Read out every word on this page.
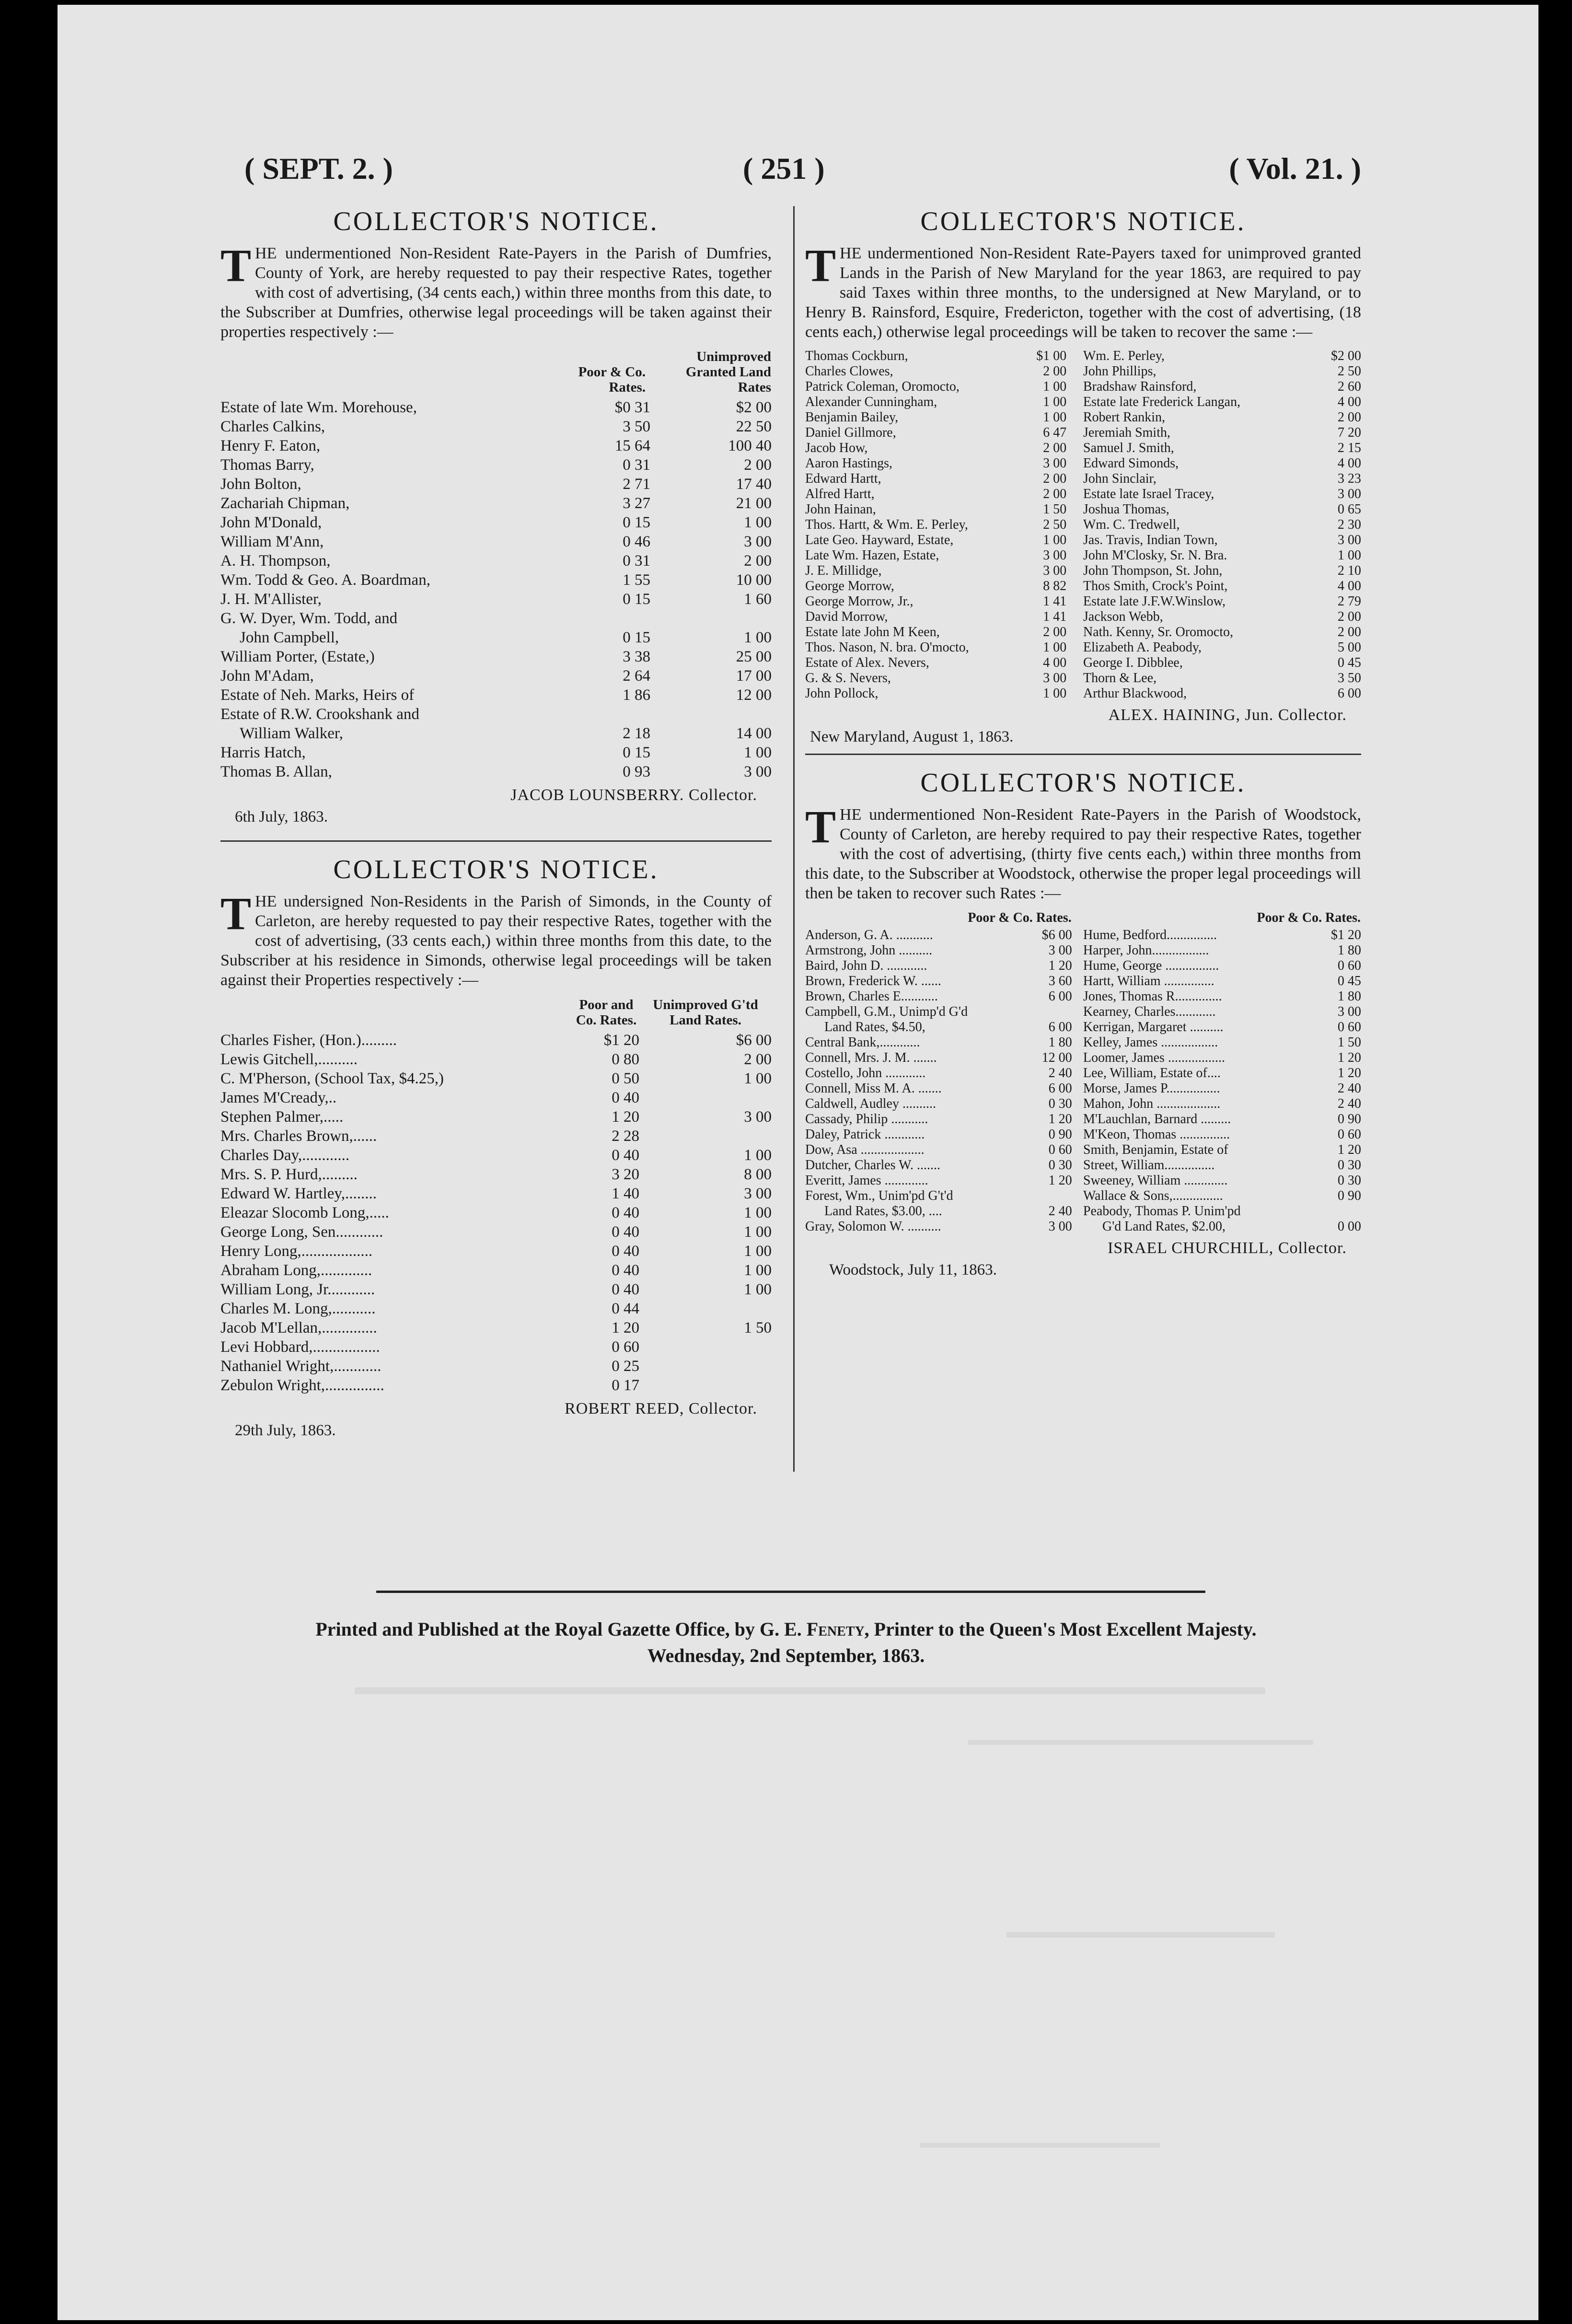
( SEPT. 2. )	( 251 )	( Vol. 21. )
COLLECTOR'S NOTICE.

THE undermentioned Non-Resident Rate-Payers in the Parish of Dumfries, County of York, are hereby requested to pay their respective Rates, together with cost of advertising, (34 cents each,) within three months from this date, to the Subscriber at Dumfries, otherwise legal proceedings will be taken against their properties respectively :—

	Poor & Co. Rates.	Unimproved Granted Land Rates
Estate of late Wm. Morehouse,	$0 31	$2 00
Charles Calkins,	3 50	22 50
Henry F. Eaton,	15 64	100 40
Thomas Barry,	0 31	2 00
John Bolton,	2 71	17 40
Zachariah Chipman,	3 27	21 00
John M'Donald,	0 15	1 00
William M'Ann,	0 46	3 00
A. H. Thompson,	0 31	2 00
Wm. Todd & Geo. A. Boardman,	1 55	10 00
J. H. M'Allister,	0 15	1 60
G. W. Dyer, Wm. Todd, and		
John Campbell,	0 15	1 00
William Porter, (Estate,)	3 38	25 00
John M'Adam,	2 64	17 00
Estate of Neh. Marks, Heirs of	1 86	12 00
Estate of R.W. Crookshank and		
William Walker,	2 18	14 00
Harris Hatch,	0 15	1 00
Thomas B. Allan,	0 93	3 00
JACOB LOUNSBERRY. Collector.
6th July, 1863.
COLLECTOR'S NOTICE.

THE undersigned Non-Residents in the Parish of Simonds, in the County of Carleton, are hereby requested to pay their respective Rates, together with the cost of advertising, (33 cents each,) within three months from this date, to the Subscriber at his residence in Simonds, otherwise legal proceedings will be taken against their Properties respectively :—

	Poor and Co. Rates.	Unimproved G'td Land Rates.
Charles Fisher, (Hon.).........	$1 20	$6 00
Lewis Gitchell,..........	0 80	2 00
C. M'Pherson, (School Tax, $4.25,)	0 50	1 00
James M'Cready,..	0 40	
Stephen Palmer,.....	1 20	3 00
Mrs. Charles Brown,......	2 28	
Charles Day,............	0 40	1 00
Mrs. S. P. Hurd,.........	3 20	8 00
Edward W. Hartley,........	1 40	3 00
Eleazar Slocomb Long,.....	0 40	1 00
George Long, Sen............	0 40	1 00
Henry Long,..................	0 40	1 00
Abraham Long,.............	0 40	1 00
William Long, Jr............	0 40	1 00
Charles M. Long,...........	0 44	
Jacob M'Lellan,..............	1 20	1 50
Levi Hobbard,.................	0 60	
Nathaniel Wright,............	0 25	
Zebulon Wright,...............	0 17	
ROBERT REED, Collector.
29th July, 1863.
COLLECTOR'S NOTICE.

THE undermentioned Non-Resident Rate-Payers taxed for unimproved granted Lands in the Parish of New Maryland for the year 1863, are required to pay said Taxes within three months, to the undersigned at New Maryland, or to Henry B. Rainsford, Esquire, Fredericton, together with the cost of advertising, (18 cents each,) otherwise legal proceedings will be taken to recover the same :—

Thomas Cockburn,	$1 00		Wm. E. Perley,	$2 00
Charles Clowes,	2 00		John Phillips,	2 50
Patrick Coleman, Oromocto,	1 00		Bradshaw Rainsford,	2 60
Alexander Cunningham,	1 00		Estate late Frederick Langan,	4 00
Benjamin Bailey,	1 00		Robert Rankin,	2 00
Daniel Gillmore,	6 47		Jeremiah Smith,	7 20
Jacob How,	2 00		Samuel J. Smith,	2 15
Aaron Hastings,	3 00		Edward Simonds,	4 00
Edward Hartt,	2 00		John Sinclair,	3 23
Alfred Hartt,	2 00		Estate late Israel Tracey,	3 00
John Hainan,	1 50		Joshua Thomas,	0 65
Thos. Hartt, & Wm. E. Perley,	2 50		Wm. C. Tredwell,	2 30
Late Geo. Hayward, Estate,	1 00		Jas. Travis, Indian Town,	3 00
Late Wm. Hazen, Estate,	3 00		John M'Closky, Sr. N. Bra.	1 00
J. E. Millidge,	3 00		John Thompson, St. John,	2 10
George Morrow,	8 82		Thos Smith, Crock's Point,	4 00
George Morrow, Jr.,	1 41		Estate late J.F.W.Winslow,	2 79
David Morrow,	1 41		Jackson Webb,	2 00
Estate late John M Keen,	2 00		Nath. Kenny, Sr. Oromocto,	2 00
Thos. Nason, N. bra. O'mocto,	1 00		Elizabeth A. Peabody,	5 00
Estate of Alex. Nevers,	4 00		George I. Dibblee,	0 45
G. & S. Nevers,	3 00		Thorn & Lee,	3 50
John Pollock,	1 00		Arthur Blackwood,	6 00
ALEX. HAINING, Jun. Collector.
New Maryland, August 1, 1863.
COLLECTOR'S NOTICE.

THE undermentioned Non-Resident Rate-Payers in the Parish of Woodstock, County of Carleton, are hereby required to pay their respective Rates, together with the cost of advertising, (thirty five cents each,) within three months from this date, to the Subscriber at Woodstock, otherwise the proper legal proceedings will then be taken to recover such Rates :—

Poor & Co. Rates.			Poor & Co. Rates.	
Anderson, G. A. ...........	$6 00		Hume, Bedford...............	$1 20
Armstrong, John ..........	3 00		Harper, John.................	1 80
Baird, John D. ............	1 20		Hume, George ................	0 60
Brown, Frederick W. ......	3 60		Hartt, William ...............	0 45
Brown, Charles E...........	6 00		Jones, Thomas R..............	1 80
Campbell, G.M., Unimp'd G'd			Kearney, Charles............	3 00
Land Rates, $4.50,	6 00		Kerrigan, Margaret ..........	0 60
Central Bank,............	1 80		Kelley, James .................	1 50
Connell, Mrs. J. M. .......	12 00		Loomer, James .................	1 20
Costello, John ............	2 40		Lee, William, Estate of....	1 20
Connell, Miss M. A. .......	6 00		Morse, James P................	2 40
Caldwell, Audley ..........	0 30		Mahon, John ...................	2 40
Cassady, Philip ...........	1 20		M'Lauchlan, Barnard .........	0 90
Daley, Patrick ............	0 90		M'Keon, Thomas ...............	0 60
Dow, Asa ...................	0 60		Smith, Benjamin, Estate of	1 20
Dutcher, Charles W. .......	0 30		Street, William...............	0 30
Everitt, James .............	1 20		Sweeney, William .............	0 30
Forest, Wm., Unim'pd G't'd			Wallace & Sons,...............	0 90
Land Rates, $3.00, ....	2 40		Peabody, Thomas P. Unim'pd	
Gray, Solomon W. ..........	3 00		G'd Land Rates, $2.00,	0 00
ISRAEL CHURCHILL, Collector.
Woodstock, July 11, 1863.
Printed and Published at the Royal Gazette Office, by G. E. Fenety, Printer to the Queen's Most Excellent Majesty.
Wednesday, 2nd September, 1863.
